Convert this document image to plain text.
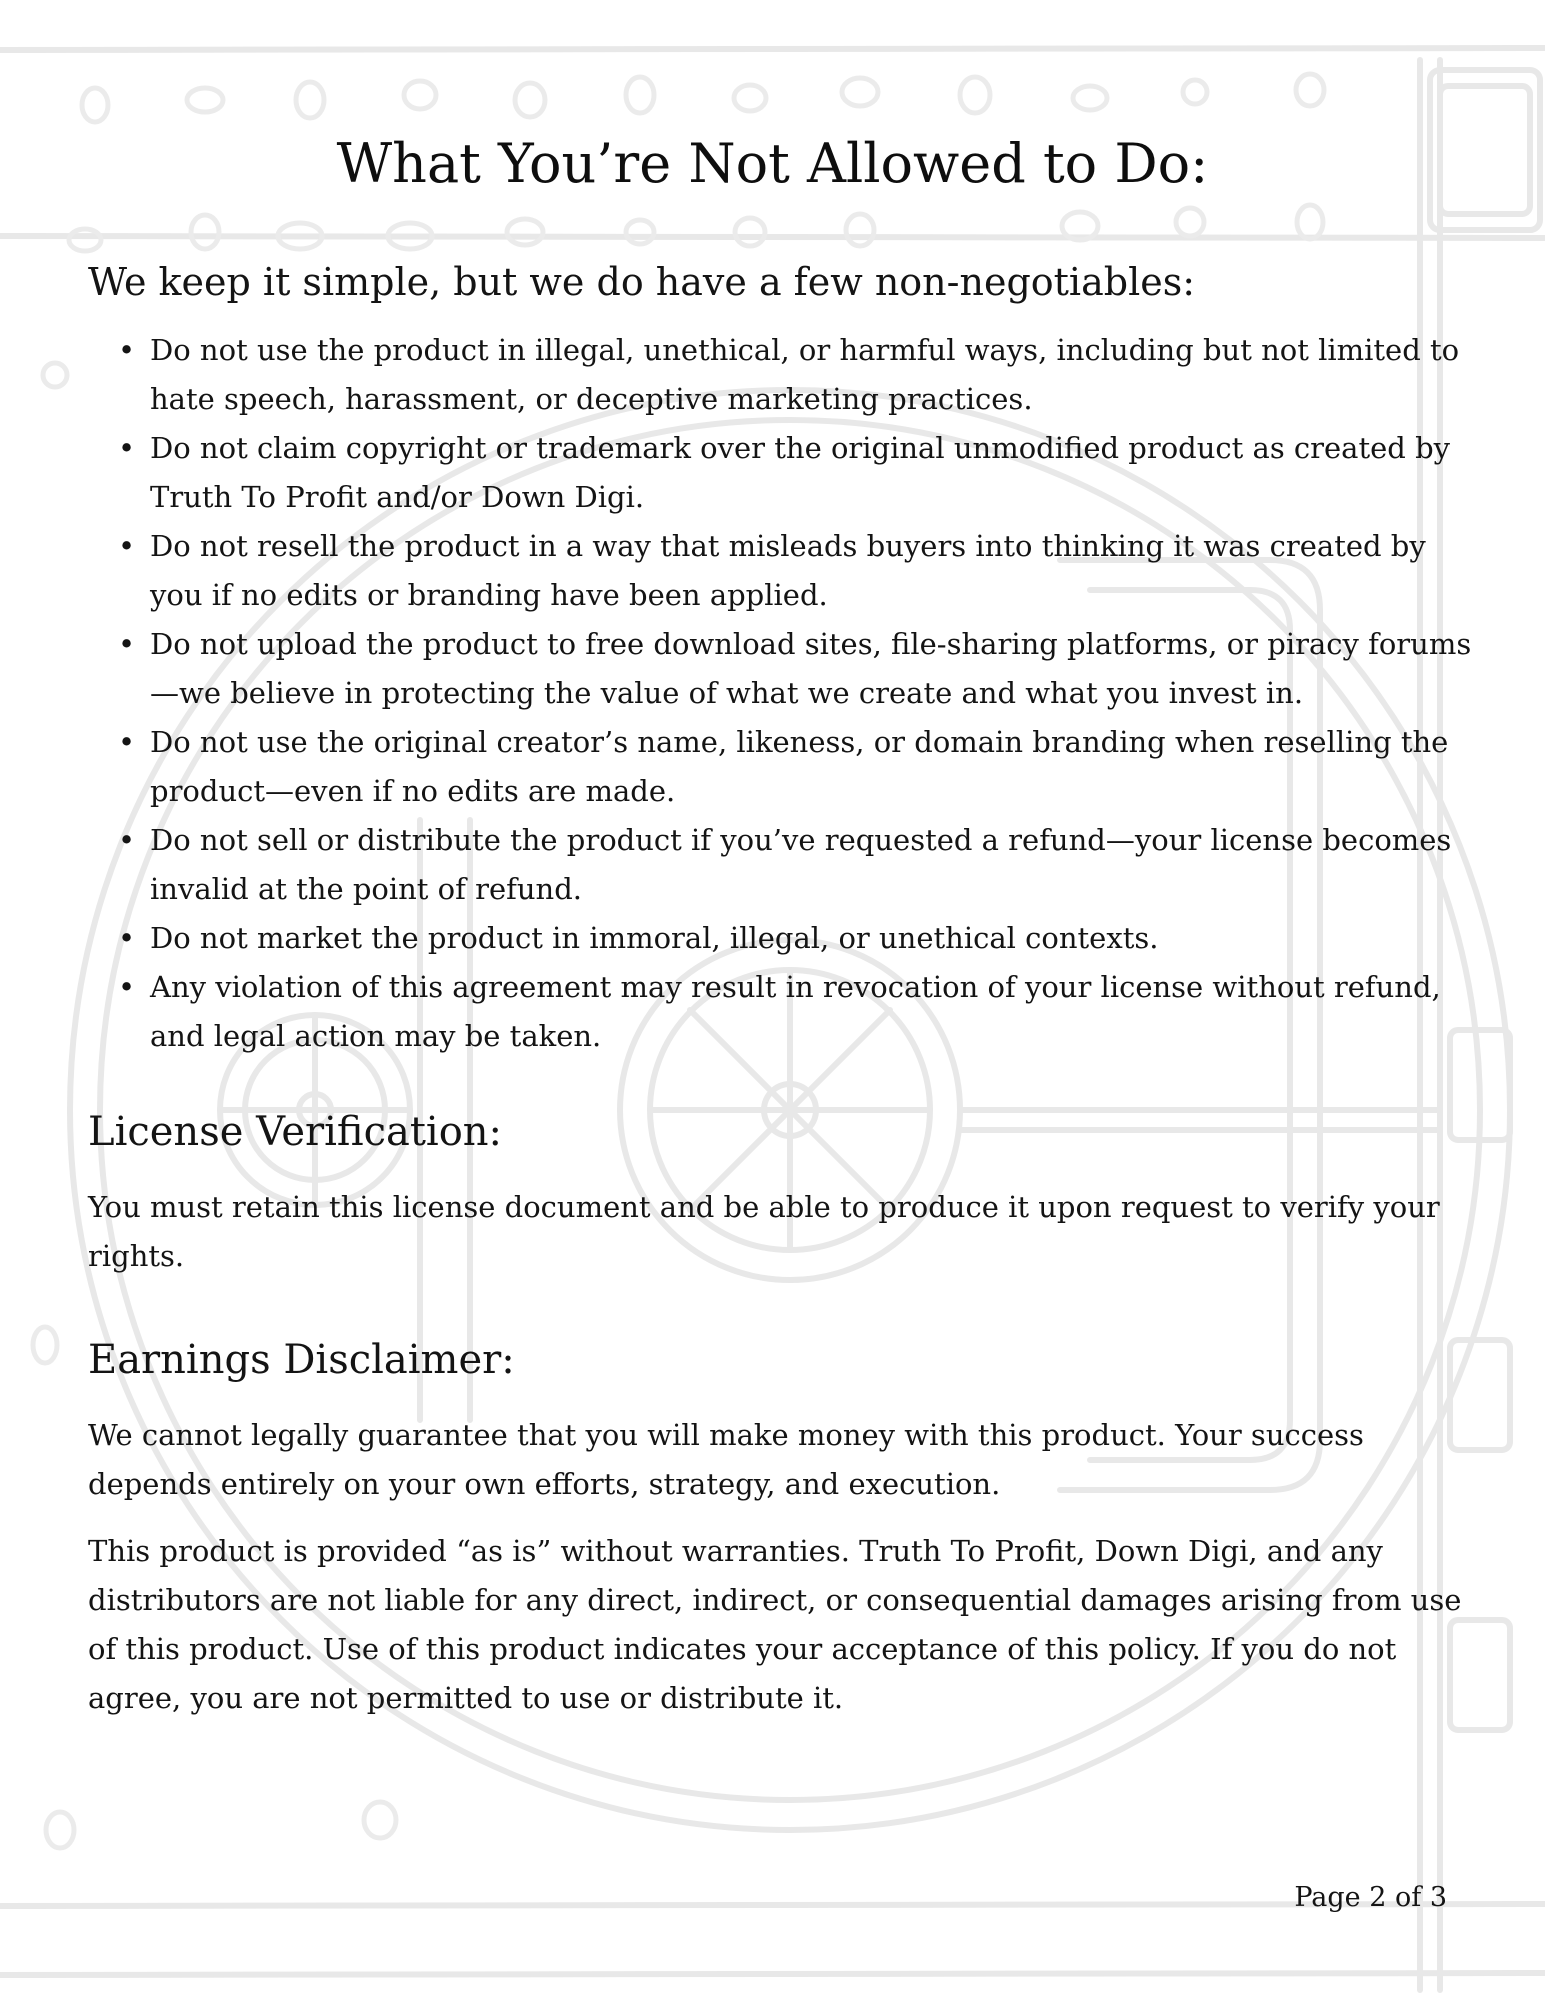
What You’re Not Allowed to Do:
We keep it simple, but we do have a few non-negotiables:
• Do not use the product in illegal, unethical, or harmful ways, including but not limited to hate speech, harassment, or deceptive marketing practices.
• Do not claim copyright or trademark over the original unmodified product as created by Truth To Profit and/or Down Digi.
• Do not resell the product in a way that misleads buyers into thinking it was created by you if no edits or branding have been applied.
• Do not upload the product to free download sites, file-sharing platforms, or piracy forums—we believe in protecting the value of what we create and what you invest in.
• Do not use the original creator’s name, likeness, or domain branding when reselling the product—even if no edits are made.
• Do not sell or distribute the product if you’ve requested a refund—your license becomes invalid at the point of refund.
• Do not market the product in immoral, illegal, or unethical contexts.
• Any violation of this agreement may result in revocation of your license without refund, and legal action may be taken.
License Verification:

You must retain this license document and be able to produce it upon request to verify your rights.

Earnings Disclaimer:

We cannot legally guarantee that you will make money with this product. Your success depends entirely on your own efforts, strategy, and execution.

This product is provided “as is” without warranties. Truth To Profit, Down Digi, and any distributors are not liable for any direct, indirect, or consequential damages arising from use of this product. Use of this product indicates your acceptance of this policy. If you do not agree, you are not permitted to use or distribute it.

Page 2 of 3
